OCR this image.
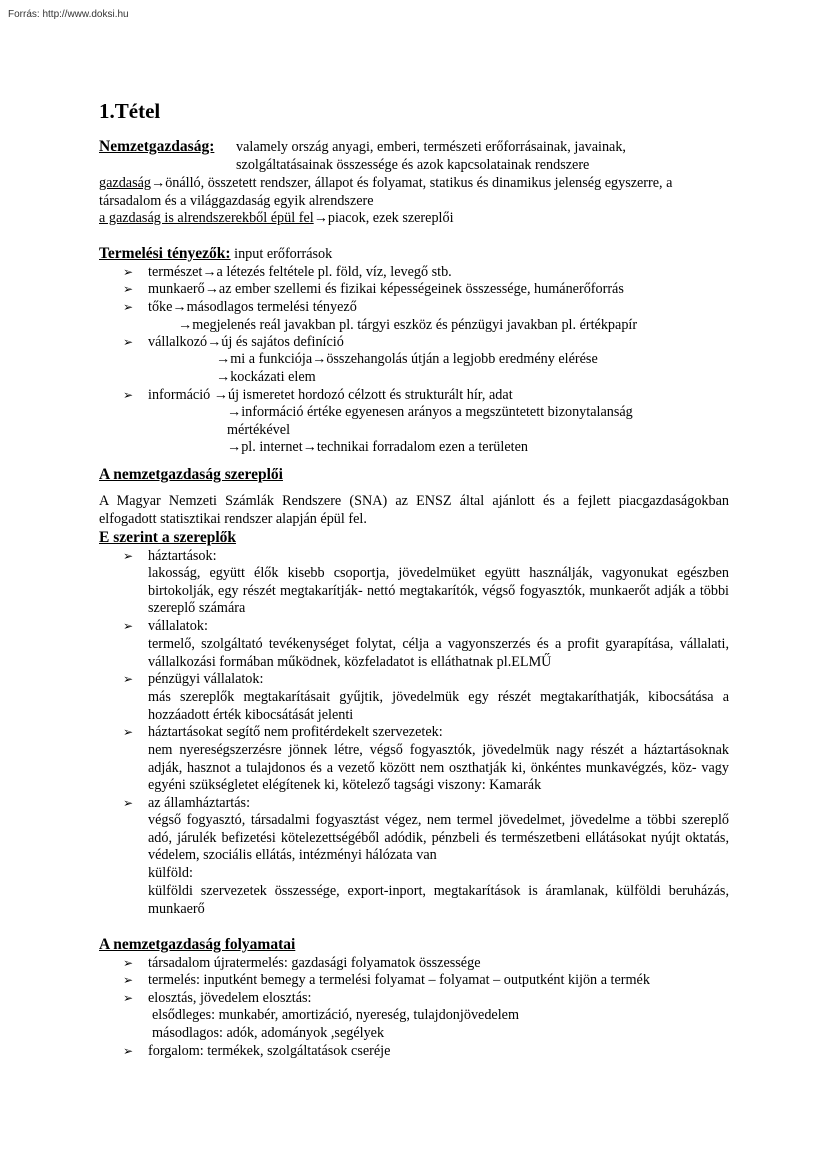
Forrás: http://www.doksi.hu
1.Tétel
Nemzetgazdaság: valamely ország anyagi, emberi, természeti erőforrásainak, javainak,
szolgáltatásainak összessége és azok kapcsolatainak rendszere
gazdaság→önálló, összetett rendszer, állapot és folyamat, statikus és dinamikus jelenség egyszerre, a
társadalom és a világgazdaság egyik alrendszere
a gazdaság is alrendszerekből épül fel→piacok, ezek szereplői
Termelési tényezők: input erőforrások
➢ természet→a létezés feltétele pl. föld, víz, levegő stb.
➢ munkaerő→az ember szellemi és fizikai képességeinek összessége, humánerőforrás
➢ tőke→másodlagos termelési tényező
→megjelenés reál javakban pl. tárgyi eszköz és pénzügyi javakban pl. értékpapír
➢ vállalkozó→új és sajátos definíció
→mi a funkciója→összehangolás útján a legjobb eredmény elérése
→kockázati elem
➢ információ →új ismeretet hordozó célzott és strukturált hír, adat
→információ értéke egyenesen arányos a megszüntetett bizonytalanság
mértékével
→pl. internet→technikai forradalom ezen a területen
A nemzetgazdaság szereplői
A Magyar Nemzeti Számlák Rendszere (SNA) az ENSZ által ajánlott és a fejlett piacgazdaságokban elfogadott statisztikai rendszer alapján épül fel.
E szerint a szereplők
➢ háztartások:
lakosság, együtt élők kisebb csoportja, jövedelmüket együtt használják, vagyonukat egészben birtokolják, egy részét megtakarítják- nettó megtakarítók, végső fogyasztók, munkaerőt adják a többi szereplő számára
➢ vállalatok:
termelő, szolgáltató tevékenységet folytat, célja a vagyonszerzés és a profit gyarapítása, vállalati, vállalkozási formában működnek, közfeladatot is elláthatnak pl.ELMŰ
➢ pénzügyi vállalatok:
más szereplők megtakarításait gyűjtik, jövedelmük egy részét megtakaríthatják, kibocsátása a hozzáadott érték kibocsátását jelenti
➢ háztartásokat segítő nem profitérdekelt szervezetek:
nem nyereségszerzésre jönnek létre, végső fogyasztók, jövedelmük nagy részét a háztartásoknak adják, hasznot a tulajdonos és a vezető között nem oszthatják ki, önkéntes munkavégzés, köz- vagy egyéni szükségletet elégítenek ki, kötelező tagsági viszony: Kamarák
➢ az államháztartás:
végső fogyasztó, társadalmi fogyasztást végez, nem termel jövedelmet, jövedelme a többi szereplő adó, járulék befizetési kötelezettségéből adódik, pénzbeli és természetbeni ellátásokat nyújt oktatás, védelem, szociális ellátás, intézményi hálózata van
külföld:
külföldi szervezetek összessége, export-inport, megtakarítások is áramlanak, külföldi beruházás, munkaerő
A nemzetgazdaság folyamatai
➢ társadalom újratermelés: gazdasági folyamatok összessége
➢ termelés: inputként bemegy a termelési folyamat – folyamat – outputként kijön a termék
➢ elosztás, jövedelem elosztás:
elsődleges: munkabér, amortizáció, nyereség, tulajdonjövedelem
másodlagos: adók, adományok ,segélyek
➢ forgalom: termékek, szolgáltatások cseréje
